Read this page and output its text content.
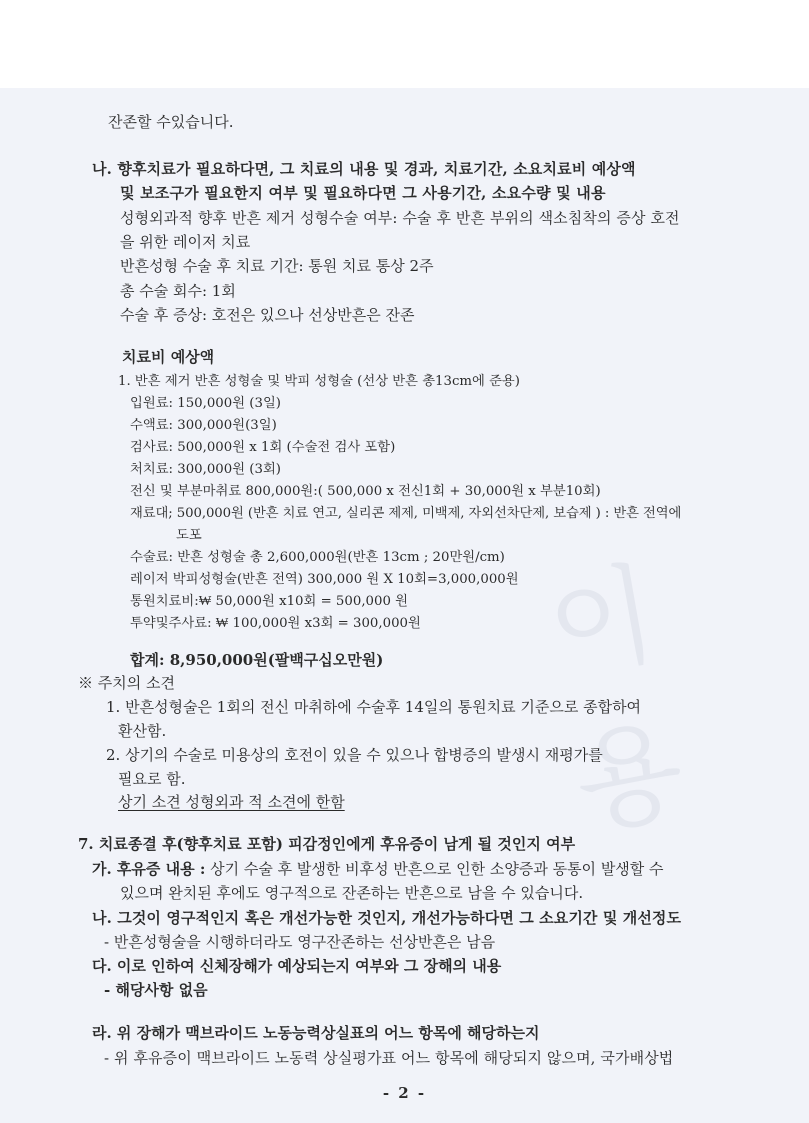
이 용
잔존할 수있습니다.
나. 향후치료가 필요하다면, 그 치료의 내용 및 경과, 치료기간, 소요치료비 예상액
및 보조구가 필요한지 여부 및 필요하다면 그 사용기간, 소요수량 및 내용
성형외과적 향후 반흔 제거 성형수술 여부: 수술 후 반흔 부위의 색소침착의 증상 호전
을 위한 레이저 치료
반흔성형 수술 후 치료 기간: 통원 치료 통상 2주
총 수술 회수: 1회
수술 후 증상: 호전은 있으나 선상반흔은 잔존
치료비 예상액
1. 반흔 제거 반흔 성형술 및 박피 성형술 (선상 반흔 총13cm에 준용)
입원료: 150,000원 (3일)
수액료: 300,000원(3일)
검사료: 500,000원 x 1회 (수술전 검사 포함)
처치료: 300,000원 (3회)
전신 및 부분마취료 800,000원:( 500,000 x 전신1회 + 30,000원 x 부분10회)
재료대; 500,000원 (반흔 치료 연고, 실리콘 제제, 미백제, 자외선차단제, 보습제 ) : 반흔 전역에
도포
수술료: 반흔 성형술 총 2,600,000원(반흔 13cm ; 20만원/cm)
레이저 박피성형술(반흔 전역) 300,000 원 X 10회=3,000,000원
통원치료비:₩ 50,000원 x10회 = 500,000 원
투약및주사료: ₩ 100,000원 x3회 = 300,000원
합계: 8,950,000원(팔백구십오만원)
※ 주치의 소견
1. 반흔성형술은 1회의 전신 마취하에 수술후 14일의 통원치료 기준으로 종합하여
환산함.
2. 상기의 수술로 미용상의 호전이 있을 수 있으나 합병증의 발생시 재평가를
필요로 함.
상기 소견 성형외과 적 소견에 한함
7. 치료종결 후(향후치료 포함) 피감정인에게 후유증이 남게 될 것인지 여부
가. 후유증 내용 : 상기 수술 후 발생한 비후성 반흔으로 인한 소양증과 동통이 발생할 수
있으며 완치된 후에도 영구적으로 잔존하는 반흔으로 남을 수 있습니다.
나. 그것이 영구적인지 혹은 개선가능한 것인지, 개선가능하다면 그 소요기간 및 개선정도
- 반흔성형술을 시행하더라도 영구잔존하는 선상반흔은 남음
다. 이로 인하여 신체장해가 예상되는지 여부와 그 장해의 내용
- 해당사항 없음
라. 위 장해가 맥브라이드 노동능력상실표의 어느 항목에 해당하는지
- 위 후유증이 맥브라이드 노동력 상실평가표 어느 항목에 해당되지 않으며, 국가배상법
- 2 -
